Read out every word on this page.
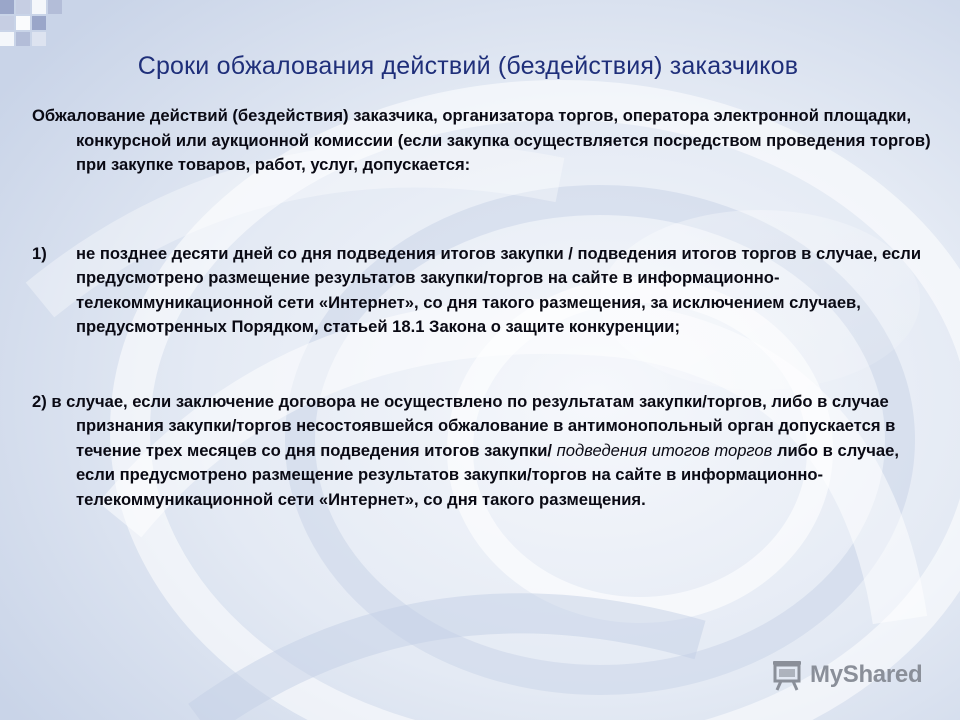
Сроки обжалования действий (бездействия) заказчиков
Обжалование действий (бездействия) заказчика, организатора торгов, оператора электронной площадки, конкурсной или аукционной комиссии (если закупка осуществляется посредством проведения торгов) при закупке товаров, работ, услуг, допускается:
1)	не позднее десяти дней со дня подведения итогов закупки / подведения итогов торгов в случае, если предусмотрено размещение результатов закупки/торгов на сайте в информационно-телекоммуникационной сети «Интернет», со дня такого размещения, за исключением случаев, предусмотренных Порядком, статьей 18.1 Закона о защите конкуренции;
2) в случае, если заключение договора не осуществлено по результатам закупки/торгов, либо в случае признания закупки/торгов несостоявшейся обжалование в антимонопольный орган допускается в течение трех месяцев со дня подведения итогов закупки/ подведения итогов торгов либо в случае, если предусмотрено размещение результатов закупки/торгов на сайте в информационно-телекоммуникационной сети «Интернет», со дня такого размещения.
MyShared
